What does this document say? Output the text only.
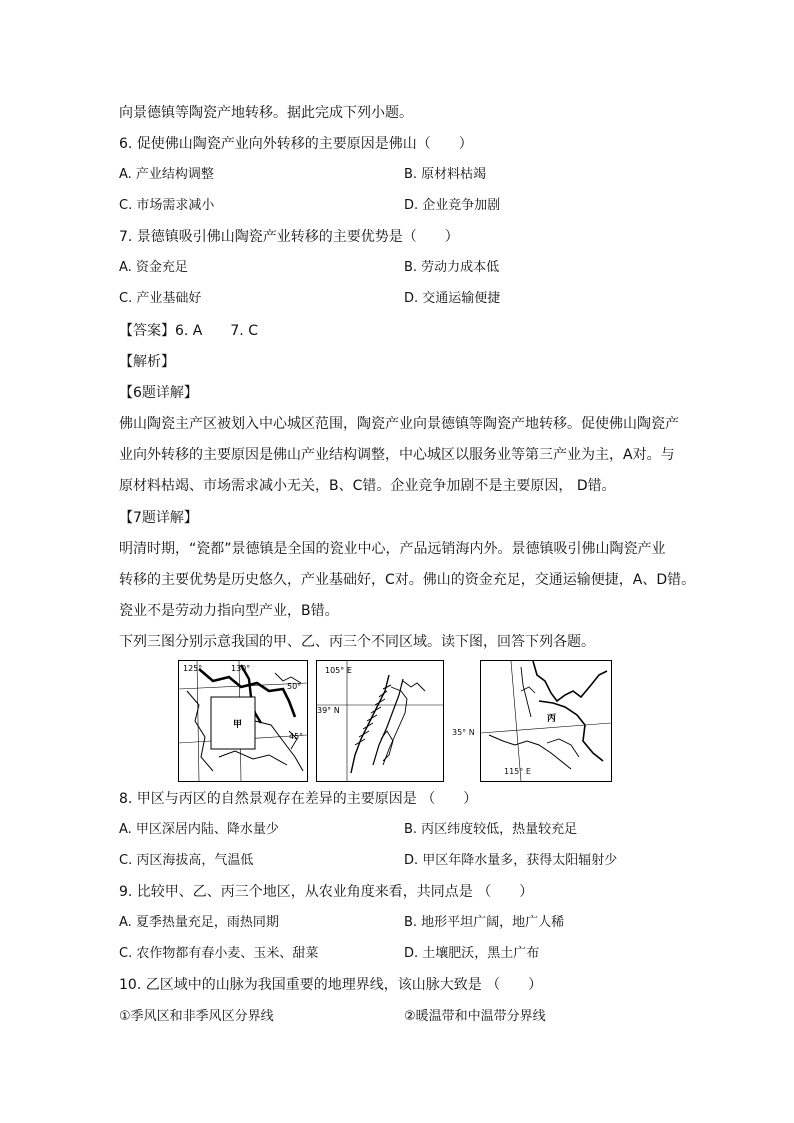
向景德镇等陶瓷产地转移。据此完成下列小题。
6. 促使佛山陶瓷产业向外转移的主要原因是佛山（　　）
A. 产业结构调整	B. 原材料枯竭
C. 市场需求减小	D. 企业竞争加剧
7. 景德镇吸引佛山陶瓷产业转移的主要优势是（　　）
A. 资金充足	B. 劳动力成本低
C. 产业基础好	D. 交通运输便捷
【答案】6. A　　7. C
【解析】
【6题详解】
佛山陶瓷主产区被划入中心城区范围，陶瓷产业向景德镇等陶瓷产地转移。促使佛山陶瓷产
业向外转移的主要原因是佛山产业结构调整，中心城区以服务业等第三产业为主，A对。与
原材料枯竭、市场需求减小无关，B、C错。企业竞争加剧不是主要原因， D错。
【7题详解】
明清时期，“瓷都”景德镇是全国的瓷业中心，产品远销海内外。景德镇吸引佛山陶瓷产业
转移的主要优势是历史悠久，产业基础好，C对。佛山的资金充足，交通运输便捷，A、D错。
瓷业不是劳动力指向型产业，B错。
下列三图分别示意我国的甲、乙、丙三个不同区域。读下图，回答下列各题。
125°	130°
50°
45°
甲
105° E
39° N
丙
35° N
115° E
8. 甲区与丙区的自然景观存在差异的主要原因是 （　　）
A. 甲区深居内陆、降水量少	B. 丙区纬度较低，热量较充足
C. 丙区海拔高，气温低	D. 甲区年降水量多，获得太阳辐射少
9. 比较甲、乙、丙三个地区，从农业角度来看，共同点是 （　　）
A. 夏季热量充足，雨热同期	B. 地形平坦广阔，地广人稀
C. 农作物都有春小麦、玉米、甜菜	D. 土壤肥沃，黑土广布
10. 乙区域中的山脉为我国重要的地理界线，该山脉大致是 （　　）
①季风区和非季风区分界线	②暖温带和中温带分界线
